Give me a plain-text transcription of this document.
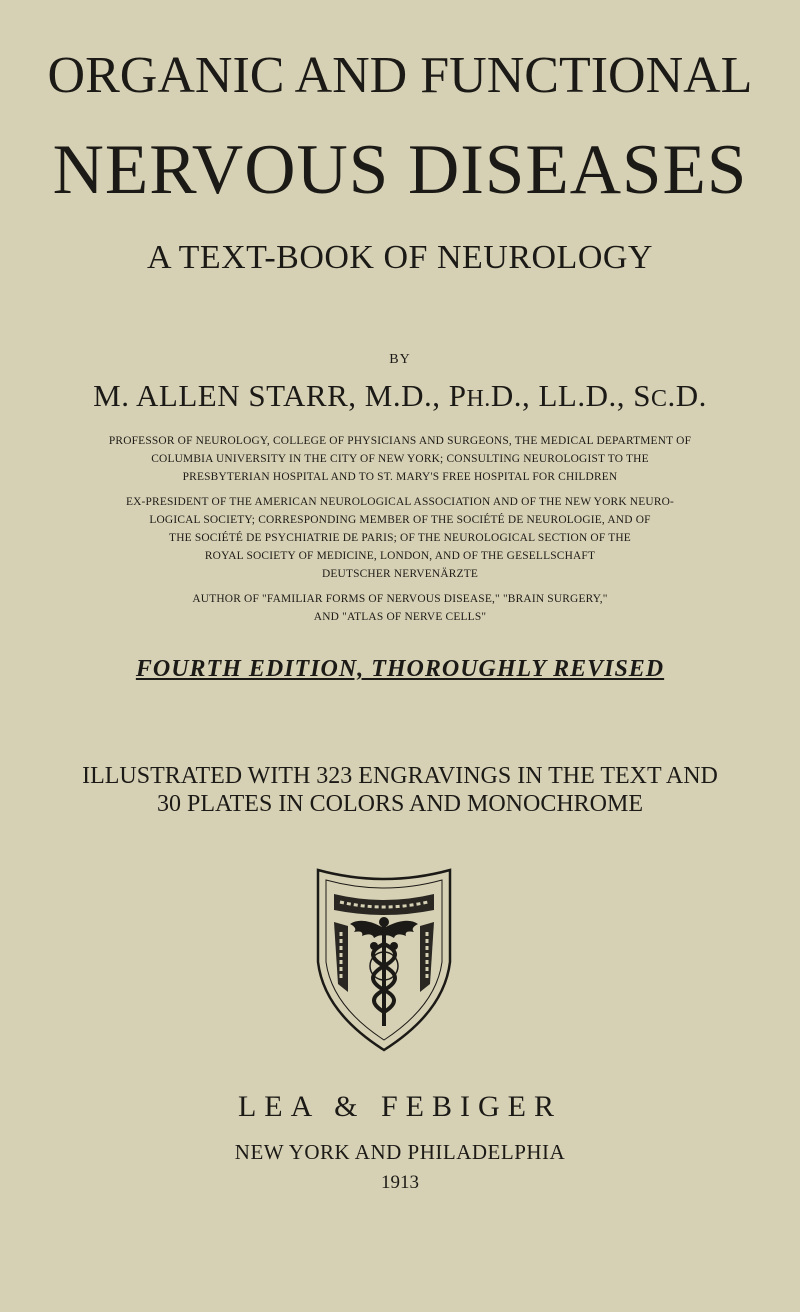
ORGANIC AND FUNCTIONAL
NERVOUS DISEASES
A TEXT-BOOK OF NEUROLOGY
BY
M. ALLEN STARR, M.D., PH.D., LL.D., SC.D.
PROFESSOR OF NEUROLOGY, COLLEGE OF PHYSICIANS AND SURGEONS, THE MEDICAL DEPARTMENT OF
COLUMBIA UNIVERSITY IN THE CITY OF NEW YORK; CONSULTING NEUROLOGIST TO THE
PRESBYTERIAN HOSPITAL AND TO ST. MARY'S FREE HOSPITAL FOR CHILDREN
EX-PRESIDENT OF THE AMERICAN NEUROLOGICAL ASSOCIATION AND OF THE NEW YORK NEURO-
LOGICAL SOCIETY; CORRESPONDING MEMBER OF THE SOCIÉTÉ DE NEUROLOGIE, AND OF
THE SOCIÉTÉ DE PSYCHIATRIE DE PARIS; OF THE NEUROLOGICAL SECTION OF THE
ROYAL SOCIETY OF MEDICINE, LONDON, AND OF THE GESELLSCHAFT
DEUTSCHER NERVENÄRZTE
AUTHOR OF "FAMILIAR FORMS OF NERVOUS DISEASE," "BRAIN SURGERY,"
AND "ATLAS OF NERVE CELLS"
FOURTH EDITION, THOROUGHLY REVISED
ILLUSTRATED WITH 323 ENGRAVINGS IN THE TEXT AND
30 PLATES IN COLORS AND MONOCHROME
LEA & FEBIGER
NEW YORK AND PHILADELPHIA
1913
